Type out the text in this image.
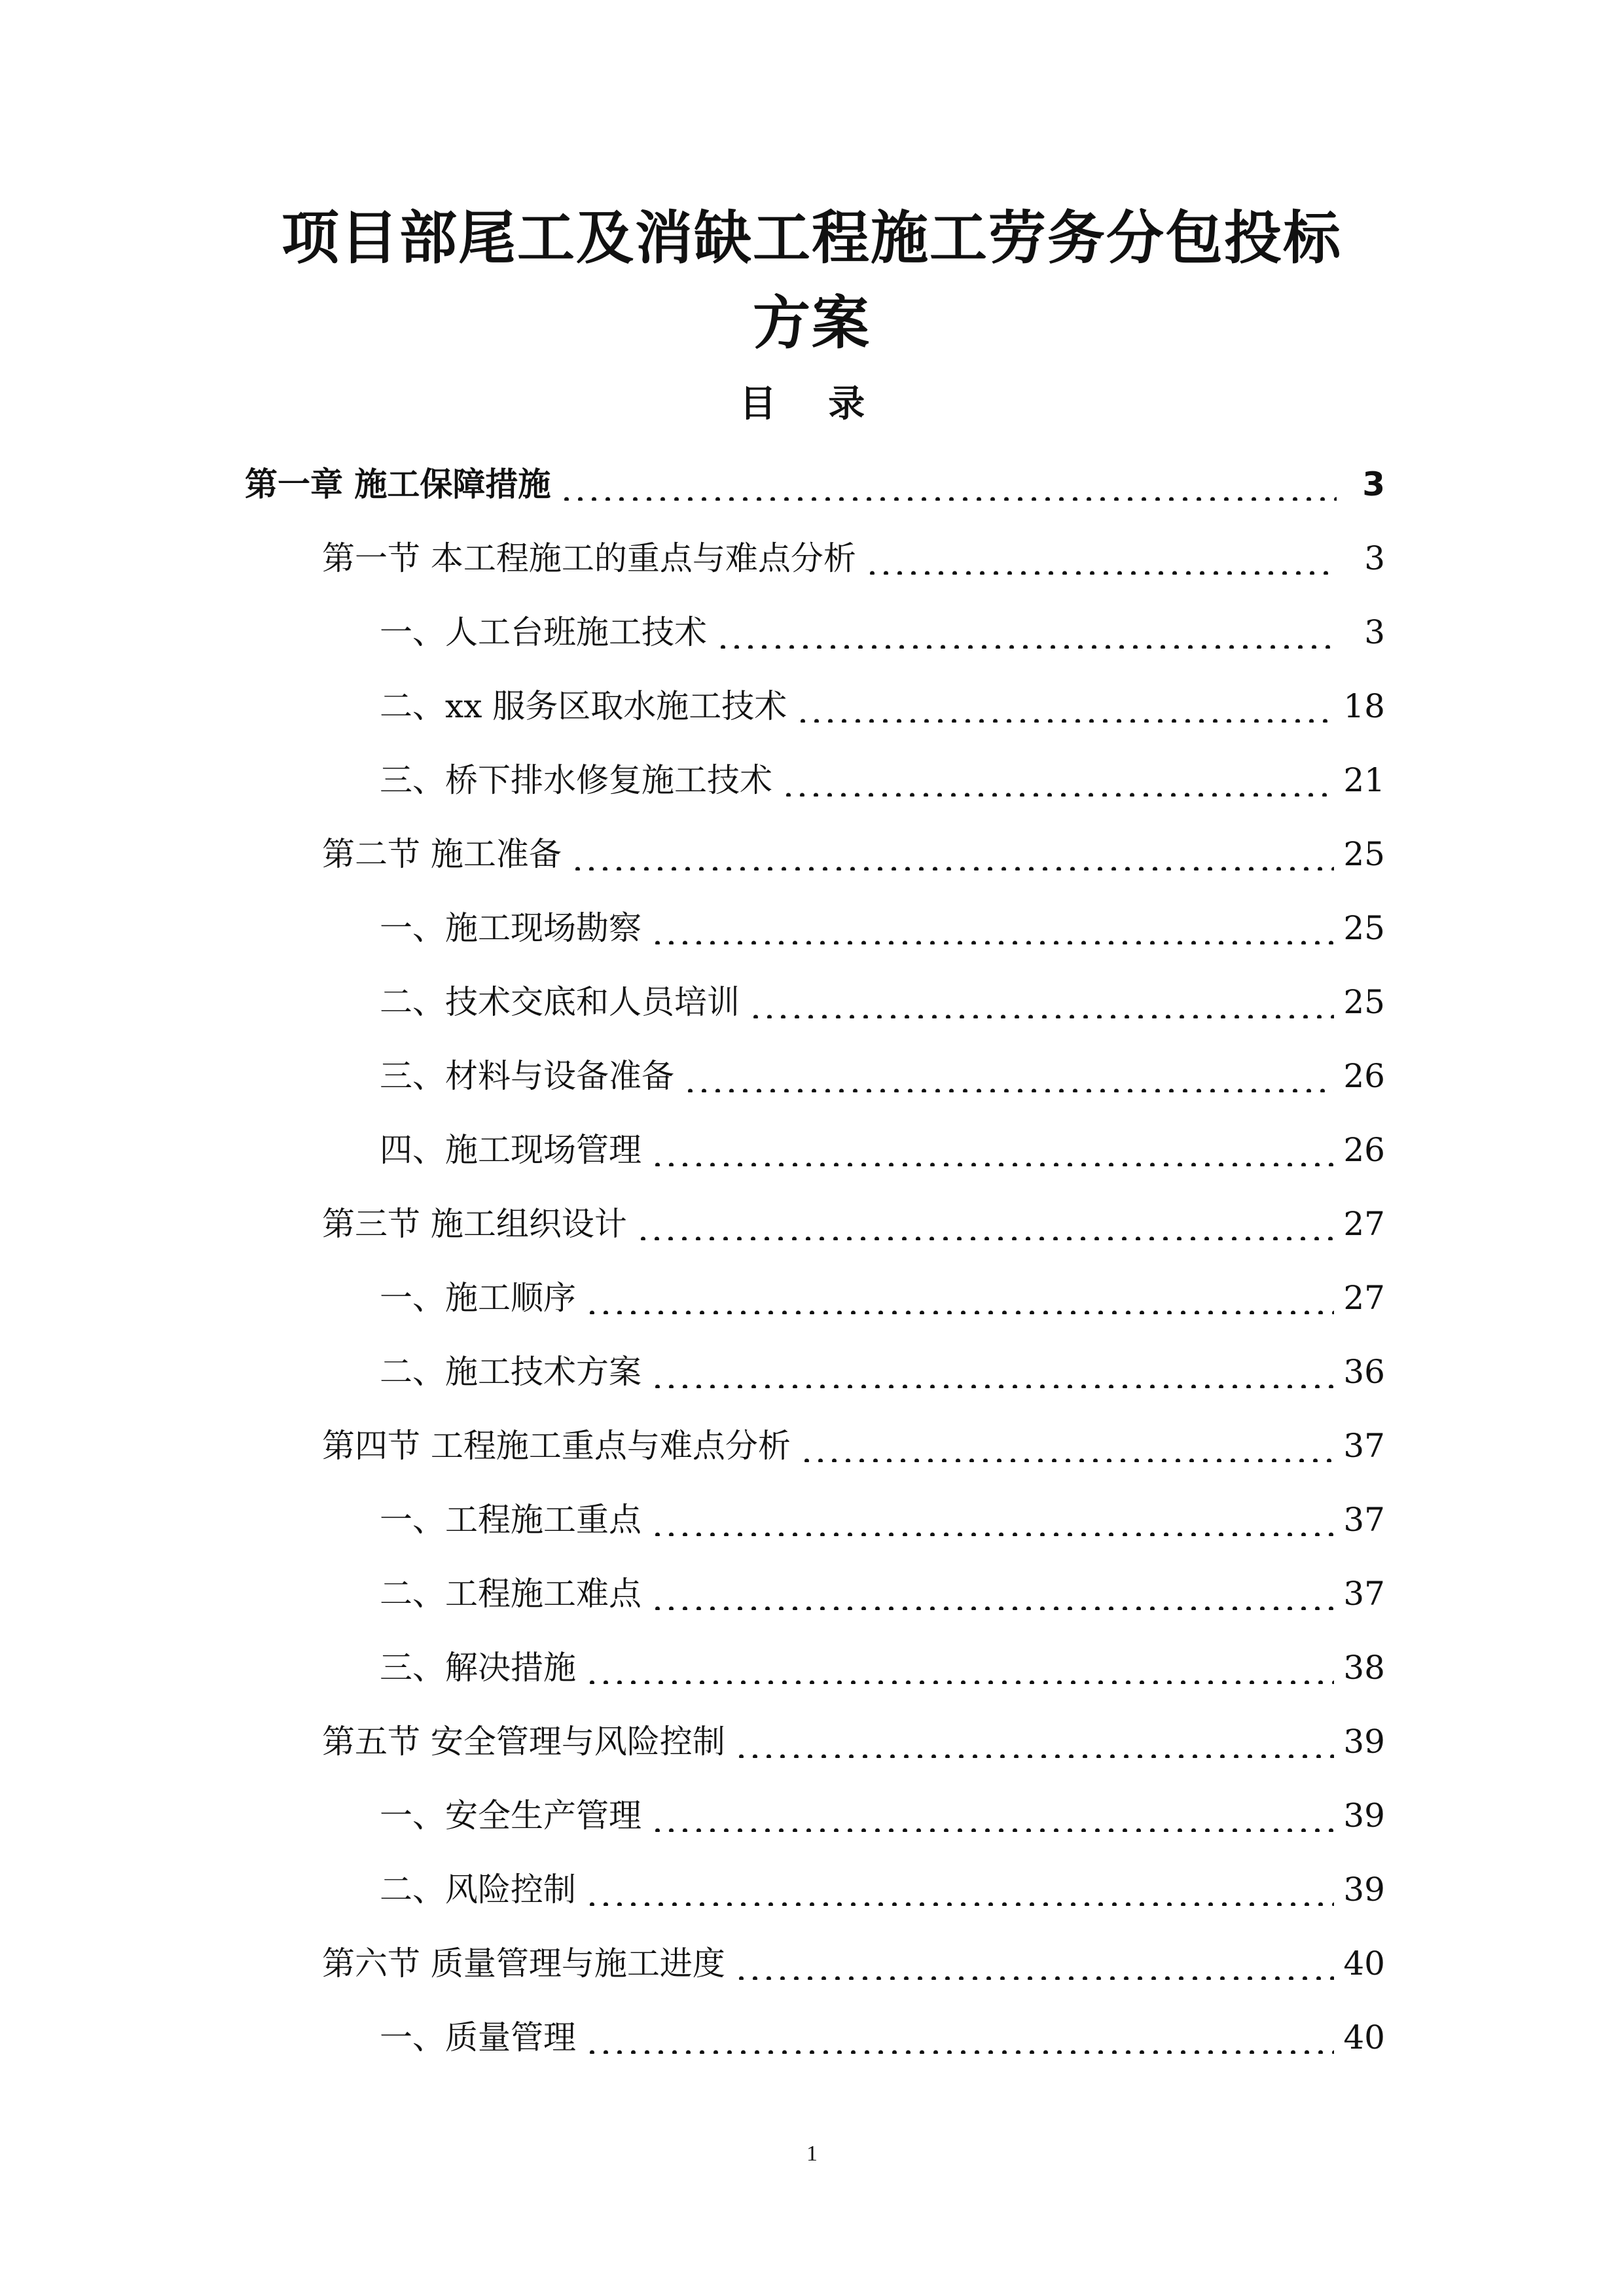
项目部尾工及消缺工程施工劳务分包投标
方案
目 录
第一章 施工保障措施	3
第一节 本工程施工的重点与难点分析	3
一、人工台班施工技术	3
二、xx 服务区取水施工技术	18
三、桥下排水修复施工技术	21
第二节 施工准备	25
一、施工现场勘察	25
二、技术交底和人员培训	25
三、材料与设备准备	26
四、施工现场管理	26
第三节 施工组织设计	27
一、施工顺序	27
二、施工技术方案	36
第四节 工程施工重点与难点分析	37
一、工程施工重点	37
二、工程施工难点	37
三、解决措施	38
第五节 安全管理与风险控制	39
一、安全生产管理	39
二、风险控制	39
第六节 质量管理与施工进度	40
一、质量管理	40
1
